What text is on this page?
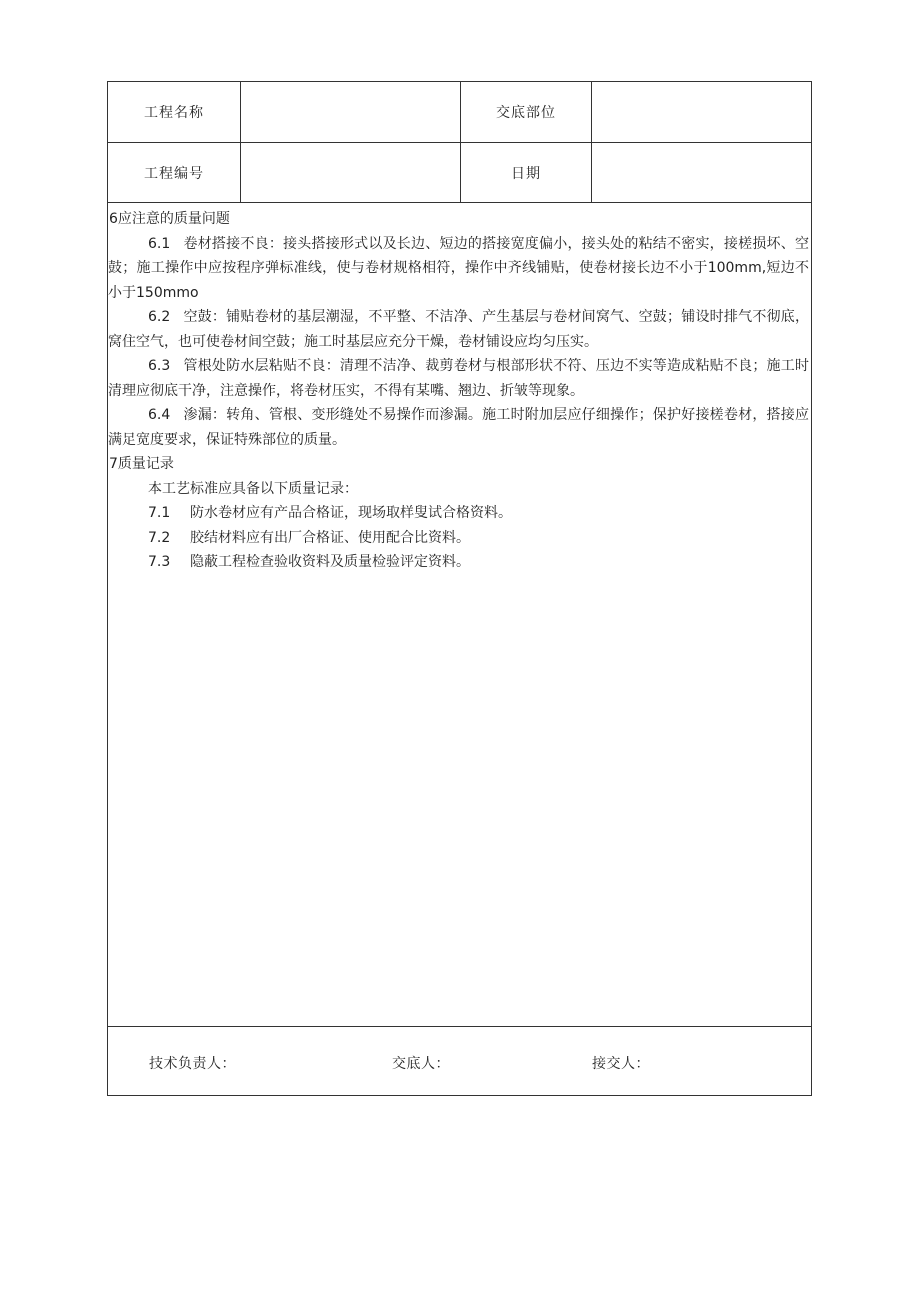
工程名称	交底部位
工程编号	日期

6应注意的质量问题

6.1 卷材搭接不良：接头搭接形式以及长边、短边的搭接宽度偏小，接头处的粘结不密实，接槎损坏、空鼓；施工操作中应按程序弹标准线，使与卷材规格相符，操作中齐线铺贴，使卷材接长边不小于100mm,短边不小于150mmo

6.2 空鼓：铺贴卷材的基层潮湿，不平整、不洁净、产生基层与卷材间窝气、空鼓；铺设时排气不彻底，窝住空气，也可使卷材间空鼓；施工时基层应充分干燥，卷材铺设应均匀压实。

6.3 管根处防水层粘贴不良：清理不洁净、裁剪卷材与根部形状不符、压边不实等造成粘贴不良；施工时清理应彻底干净，注意操作，将卷材压实，不得有某嘴、翘边、折皱等现象。

6.4 渗漏：转角、管根、变形缝处不易操作而渗漏。施工时附加层应仔细操作；保护好接槎卷材，搭接应满足宽度要求，保证特殊部位的质量。

7质量记录

本工艺标准应具备以下质量记录：

7.1 防水卷材应有产品合格证，现场取样叟试合格资料。

7.2 胶结材料应有出厂合格证、使用配合比资料。

7.3 隐蔽工程检查验收资料及质量检验评定资料。

技术负责人：	交底人：	接交人：
